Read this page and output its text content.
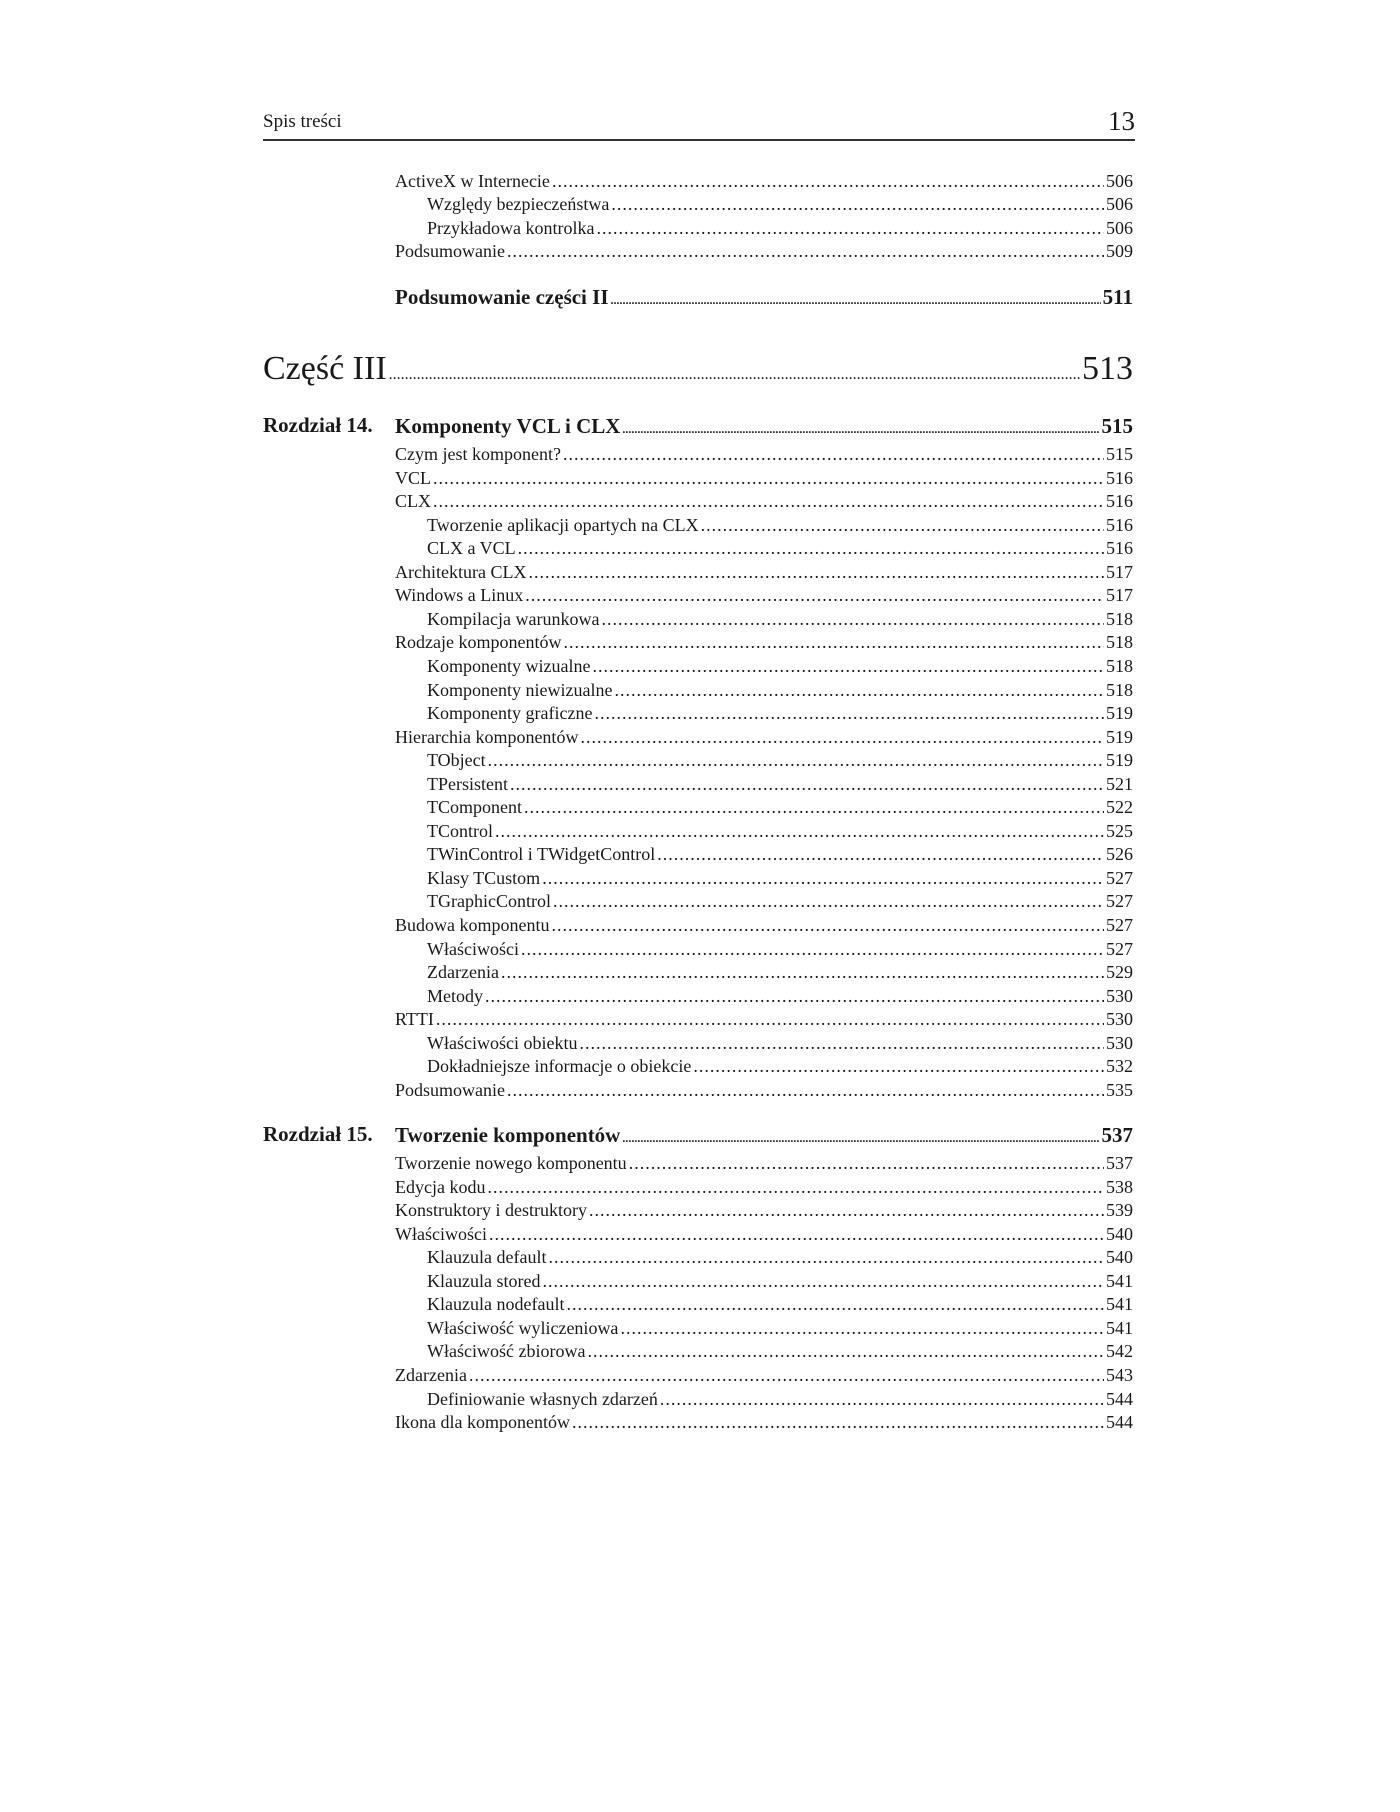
Spis treści	13
ActiveX w Internecie .....	506
Względy bezpieczeństwa .....	506
Przykładowa kontrolka .....	506
Podsumowanie .....	509
Podsumowanie części II .....	511
Część III .....	513
Rozdział 14. Komponenty VCL i CLX .....	515
Czym jest komponent? .....	515
VCL .....	516
CLX .....	516
Tworzenie aplikacji opartych na CLX .....	516
CLX a VCL .....	516
Architektura CLX .....	517
Windows a Linux .....	517
Kompilacja warunkowa .....	518
Rodzaje komponentów .....	518
Komponenty wizualne .....	518
Komponenty niewizualne .....	518
Komponenty graficzne .....	519
Hierarchia komponentów .....	519
TObject .....	519
TPersistent .....	521
TComponent .....	522
TControl .....	525
TWinControl i TWidgetControl .....	526
Klasy TCustom .....	527
TGraphicControl .....	527
Budowa komponentu .....	527
Właściwości .....	527
Zdarzenia .....	529
Metody .....	530
RTTI .....	530
Właściwości obiektu .....	530
Dokładniejsze informacje o obiekcie .....	532
Podsumowanie .....	535
Rozdział 15. Tworzenie komponentów .....	537
Tworzenie nowego komponentu .....	537
Edycja kodu .....	538
Konstruktory i destruktory .....	539
Właściwości .....	540
Klauzula default .....	540
Klauzula stored .....	541
Klauzula nodefault .....	541
Właściwość wyliczeniowa .....	541
Właściwość zbiorowa .....	542
Zdarzenia .....	543
Definiowanie własnych zdarzeń .....	544
Ikona dla komponentów .....	544
